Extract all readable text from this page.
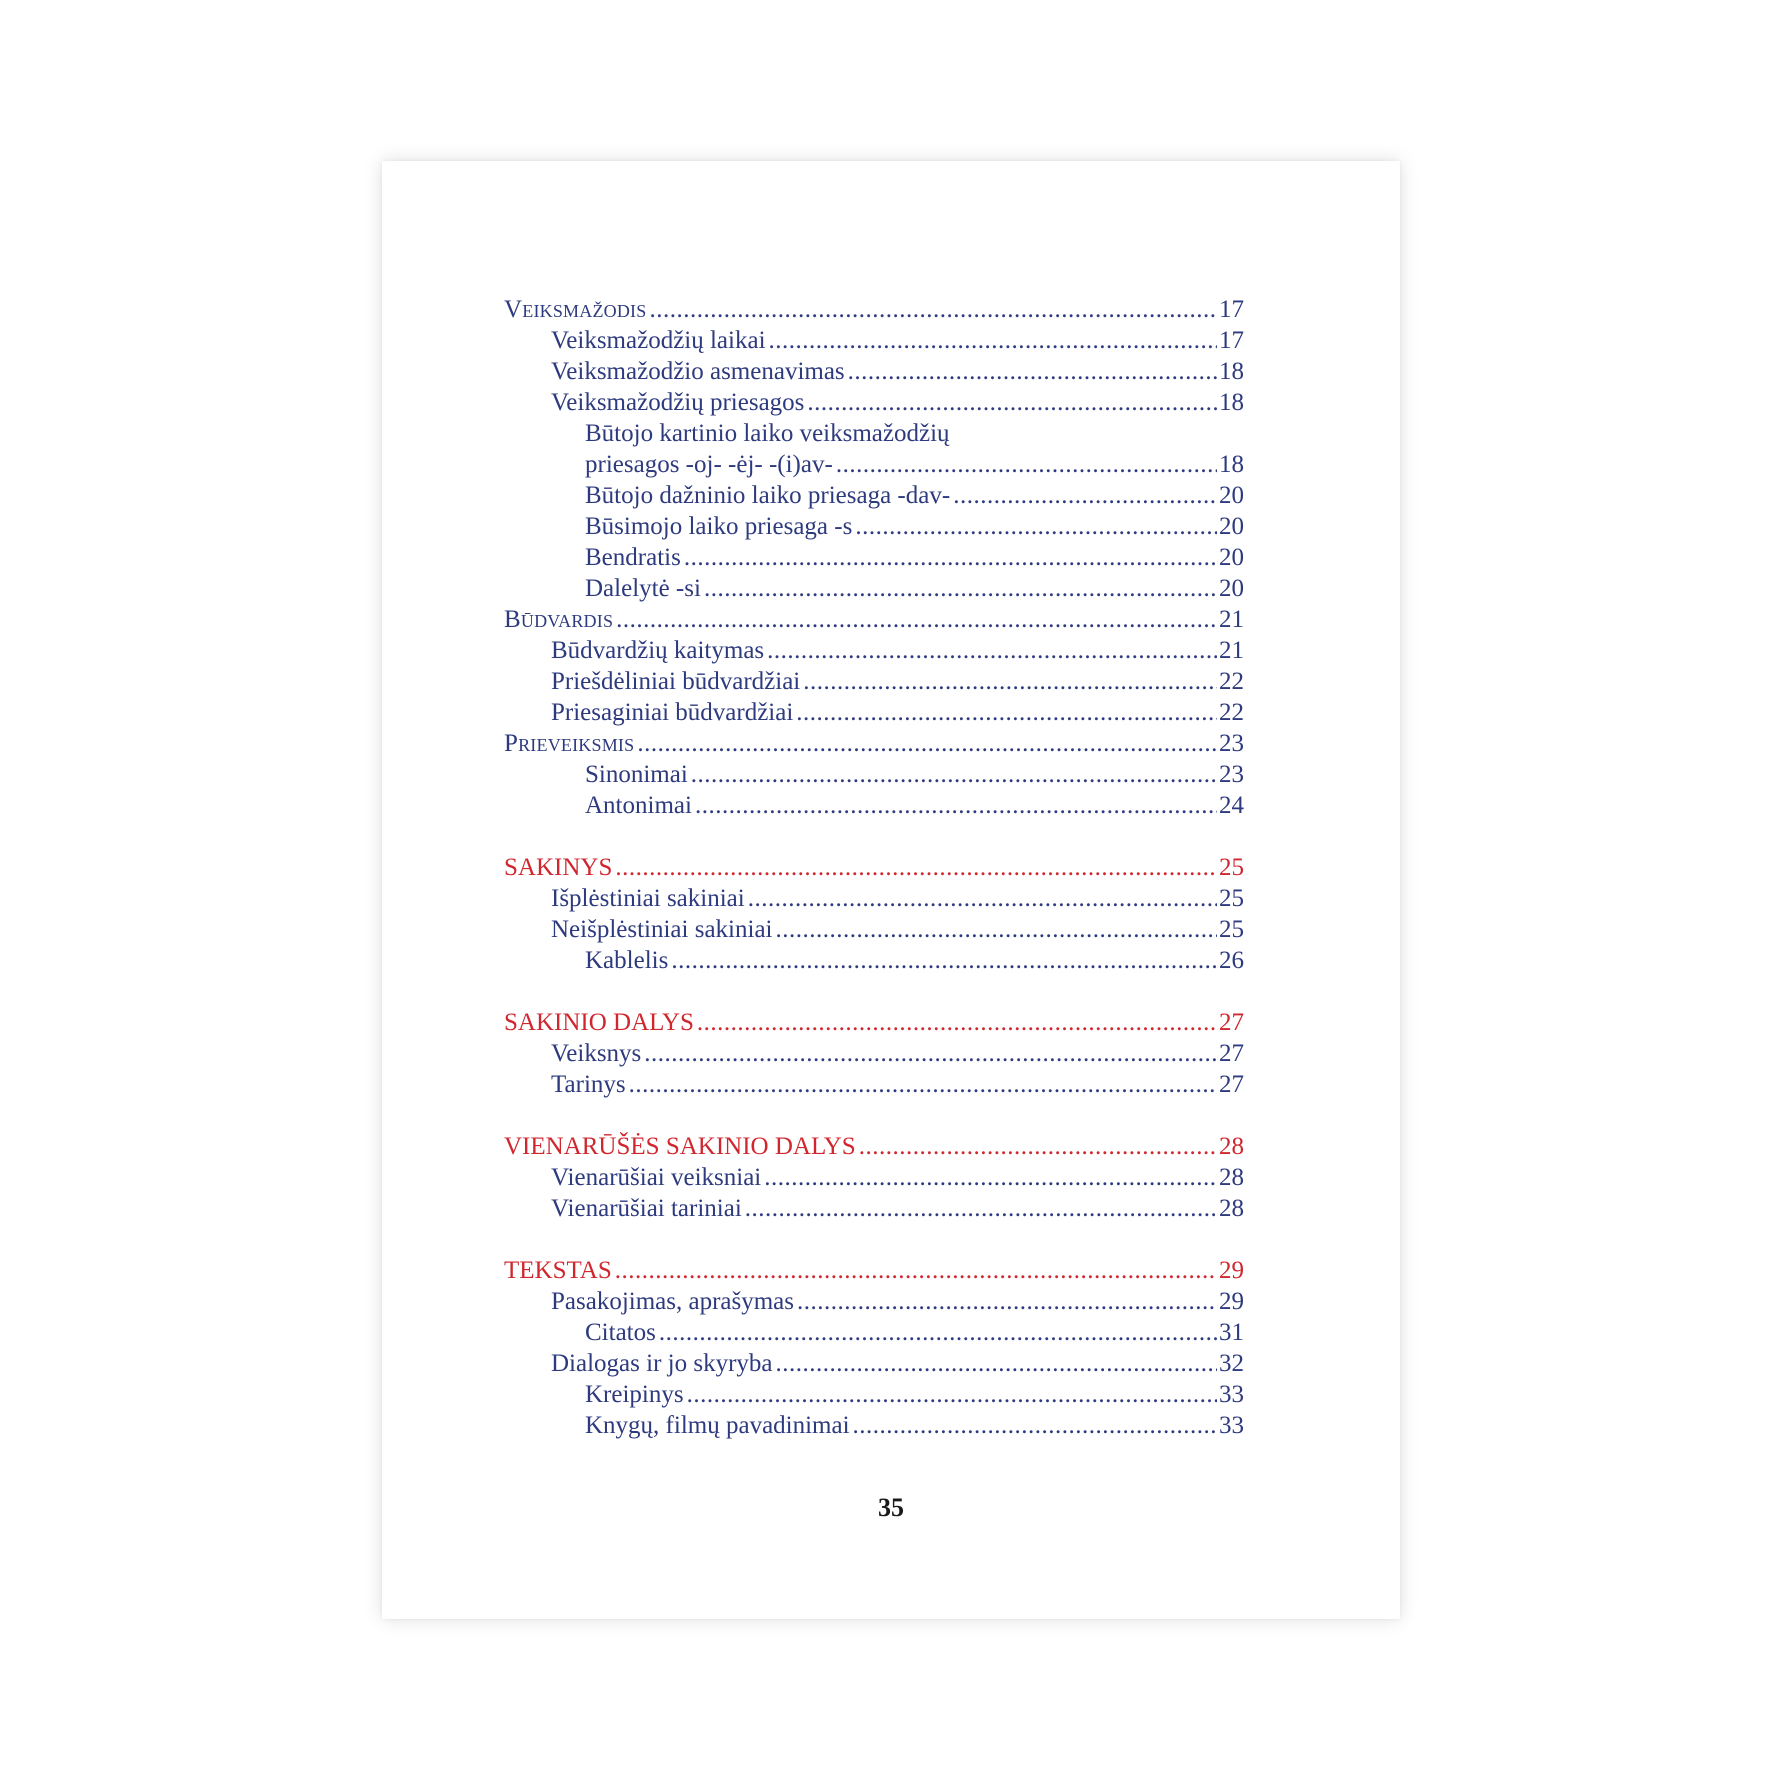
Veiksmažodis .....	17
Veiksmažodžių laikai .....	17
Veiksmažodžio asmenavimas .....	18
Veiksmažodžių priesagos .....	18
Būtojo kartinio laiko veiksmažodžių
priesagos -oj- -ėj- -(i)av- .....	18
Būtojo dažninio laiko priesaga -dav- .....	20
Būsimojo laiko priesaga -s .....	20
Bendratis .....	20
Dalelytė -si .....	20
Būdvardis .....	21
Būdvardžių kaitymas .....	21
Priešdėliniai būdvardžiai .....	22
Priesaginiai būdvardžiai .....	22
Prieveiksmis .....	23
Sinonimai .....	23
Antonimai .....	24
SAKINYS .....	25
Išplėstiniai sakiniai .....	25
Neišplėstiniai sakiniai .....	25
Kablelis .....	26
SAKINIO DALYS .....	27
Veiksnys .....	27
Tarinys .....	27
VIENARŪŠĖS SAKINIO DALYS .....	28
Vienarūšiai veiksniai .....	28
Vienarūšiai tariniai .....	28
TEKSTAS .....	29
Pasakojimas, aprašymas .....	29
Citatos .....	31
Dialogas ir jo skyryba .....	32
Kreipinys .....	33
Knygų, filmų pavadinimai .....	33
35
